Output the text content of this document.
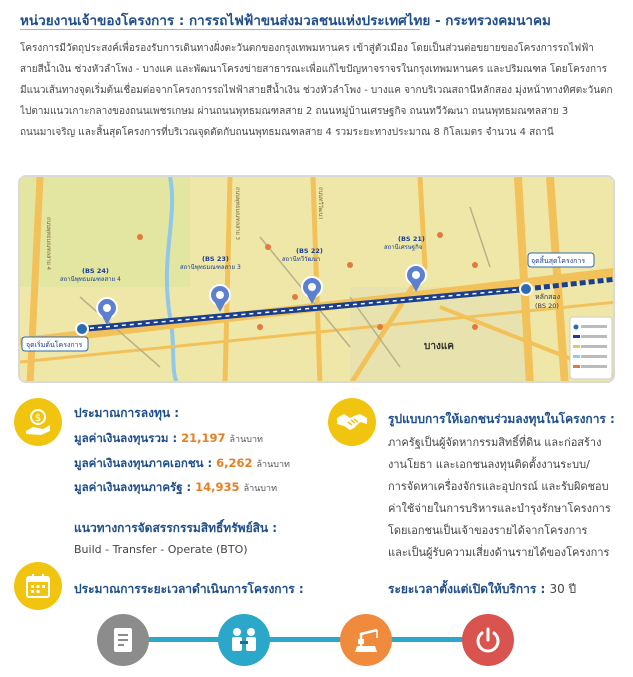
หน่วยงานเจ้าของโครงการ : การรถไฟฟ้าขนส่งมวลชนแห่งประเทศไทย - กระทรวงคมนาคม
โครงการมีวัตถุประสงค์เพื่อรองรับการเดินทางฝั่งตะวันตกของกรุงเทพมหานคร เข้าสู่ตัวเมือง โดยเป็นส่วนต่อขยายของโครงการรถไฟฟ้า
สายสีน้ำเงิน ช่วงหัวลำโพง - บางแค และพัฒนาโครงข่ายสาธารณะเพื่อแก้ไขปัญหาจราจรในกรุงเทพมหานคร และปริมณฑล โดยโครงการ
มีแนวเส้นทางจุดเริ่มต้นเชื่อมต่อจากโครงการรถไฟฟ้าสายสีน้ำเงิน ช่วงหัวลำโพง - บางแค จากบริเวณสถานีหลักสอง มุ่งหน้าทางทิศตะวันตก
ไปตามแนวเกาะกลางของถนนเพชรเกษม ผ่านถนนพุทธมณฑลสาย 2 ถนนหมู่บ้านเศรษฐกิจ ถนนทวีวัฒนา ถนนพุทธมณฑลสาย 3
ถนนมาเจริญ และสิ้นสุดโครงการที่บริเวณจุดตัดกับถนนพุทธมณฑลสาย 4 รวมระยะทางประมาณ 8 กิโลเมตร จำนวน 4 สถานี
(BS 24)
สถานีพุทธมณฑลสาย 4
(BS 23)
สถานีพุทธมณฑลสาย 3
(BS 22)
สถานีทวีวัฒนา
(BS 21)
สถานีเศรษฐกิจ
จุดเริ่มต้นโครงการ
จุดสิ้นสุดโครงการ
หลักสอง
(BS 20)
บางแค
ถนนพุทธมณฑลสาย 4
ถนนพุทธมณฑลสาย 3	ถนนทวีวัฒนา
$	ประมาณการลงทุน :
มูลค่าเงินลงทุนรวม : 21,197 ล้านบาท
มูลค่าเงินลงทุนภาคเอกชน : 6,262 ล้านบาท
มูลค่าเงินลงทุนภาครัฐ : 14,935 ล้านบาท
แนวทางการจัดสรรกรรมสิทธิ์ทรัพย์สิน :
Build - Transfer - Operate (BTO)
รูปแบบการให้เอกชนร่วมลงทุนในโครงการ :
ภาครัฐเป็นผู้จัดหากรรมสิทธิ์ที่ดิน และก่อสร้าง
งานโยธา และเอกชนลงทุนติดตั้งงานระบบ/
การจัดหาเครื่องจักรและอุปกรณ์ และรับผิดชอบ
ค่าใช้จ่ายในการบริหารและบำรุงรักษาโครงการ
โดยเอกชนเป็นเจ้าของรายได้จากโครงการ
และเป็นผู้รับความเสี่ยงด้านรายได้ของโครงการ
ประมาณการระยะเวลาดำเนินการโครงการ :	ระยะเวลาตั้งแต่เปิดให้บริการ : 30 ปี
